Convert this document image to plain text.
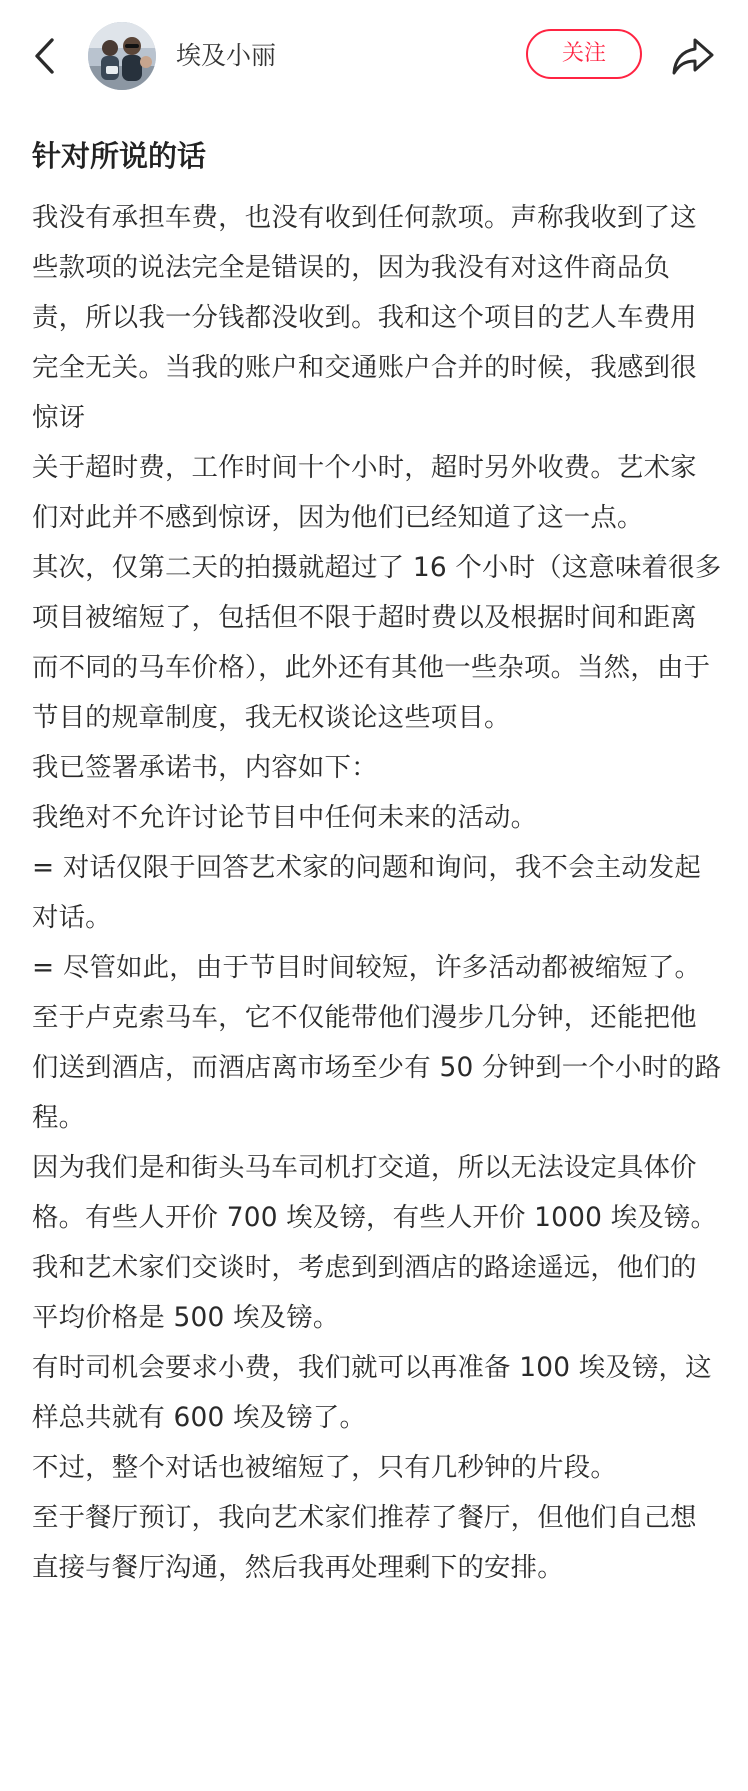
埃及小丽	关注
针对所说的话
我没有承担车费，也没有收到任何款项。声称我收到了这些款项的说法完全是错误的，因为我没有对这件商品负责，所以我一分钱都没收到。我和这个项目的艺人车费用完全无关。当我的账户和交通账户合并的时候，我感到很惊讶
关于超时费，工作时间十个小时，超时另外收费。艺术家们对此并不感到惊讶，因为他们已经知道了这一点。
其次，仅第二天的拍摄就超过了 16 个小时（这意味着很多项目被缩短了，包括但不限于超时费以及根据时间和距离而不同的马车价格），此外还有其他一些杂项。当然，由于节目的规章制度，我无权谈论这些项目。
我已签署承诺书，内容如下：
我绝对不允许讨论节目中任何未来的活动。
= 对话仅限于回答艺术家的问题和询问，我不会主动发起对话。
= 尽管如此，由于节目时间较短，许多活动都被缩短了。
至于卢克索马车，它不仅能带他们漫步几分钟，还能把他们送到酒店，而酒店离市场至少有 50 分钟到一个小时的路程。
因为我们是和街头马车司机打交道，所以无法设定具体价格。有些人开价 700 埃及镑，有些人开价 1000 埃及镑。
我和艺术家们交谈时，考虑到到酒店的路途遥远，他们的平均价格是 500 埃及镑。
有时司机会要求小费，我们就可以再准备 100 埃及镑，这样总共就有 600 埃及镑了。
不过，整个对话也被缩短了，只有几秒钟的片段。
至于餐厅预订，我向艺术家们推荐了餐厅，但他们自己想直接与餐厅沟通，然后我再处理剩下的安排。
